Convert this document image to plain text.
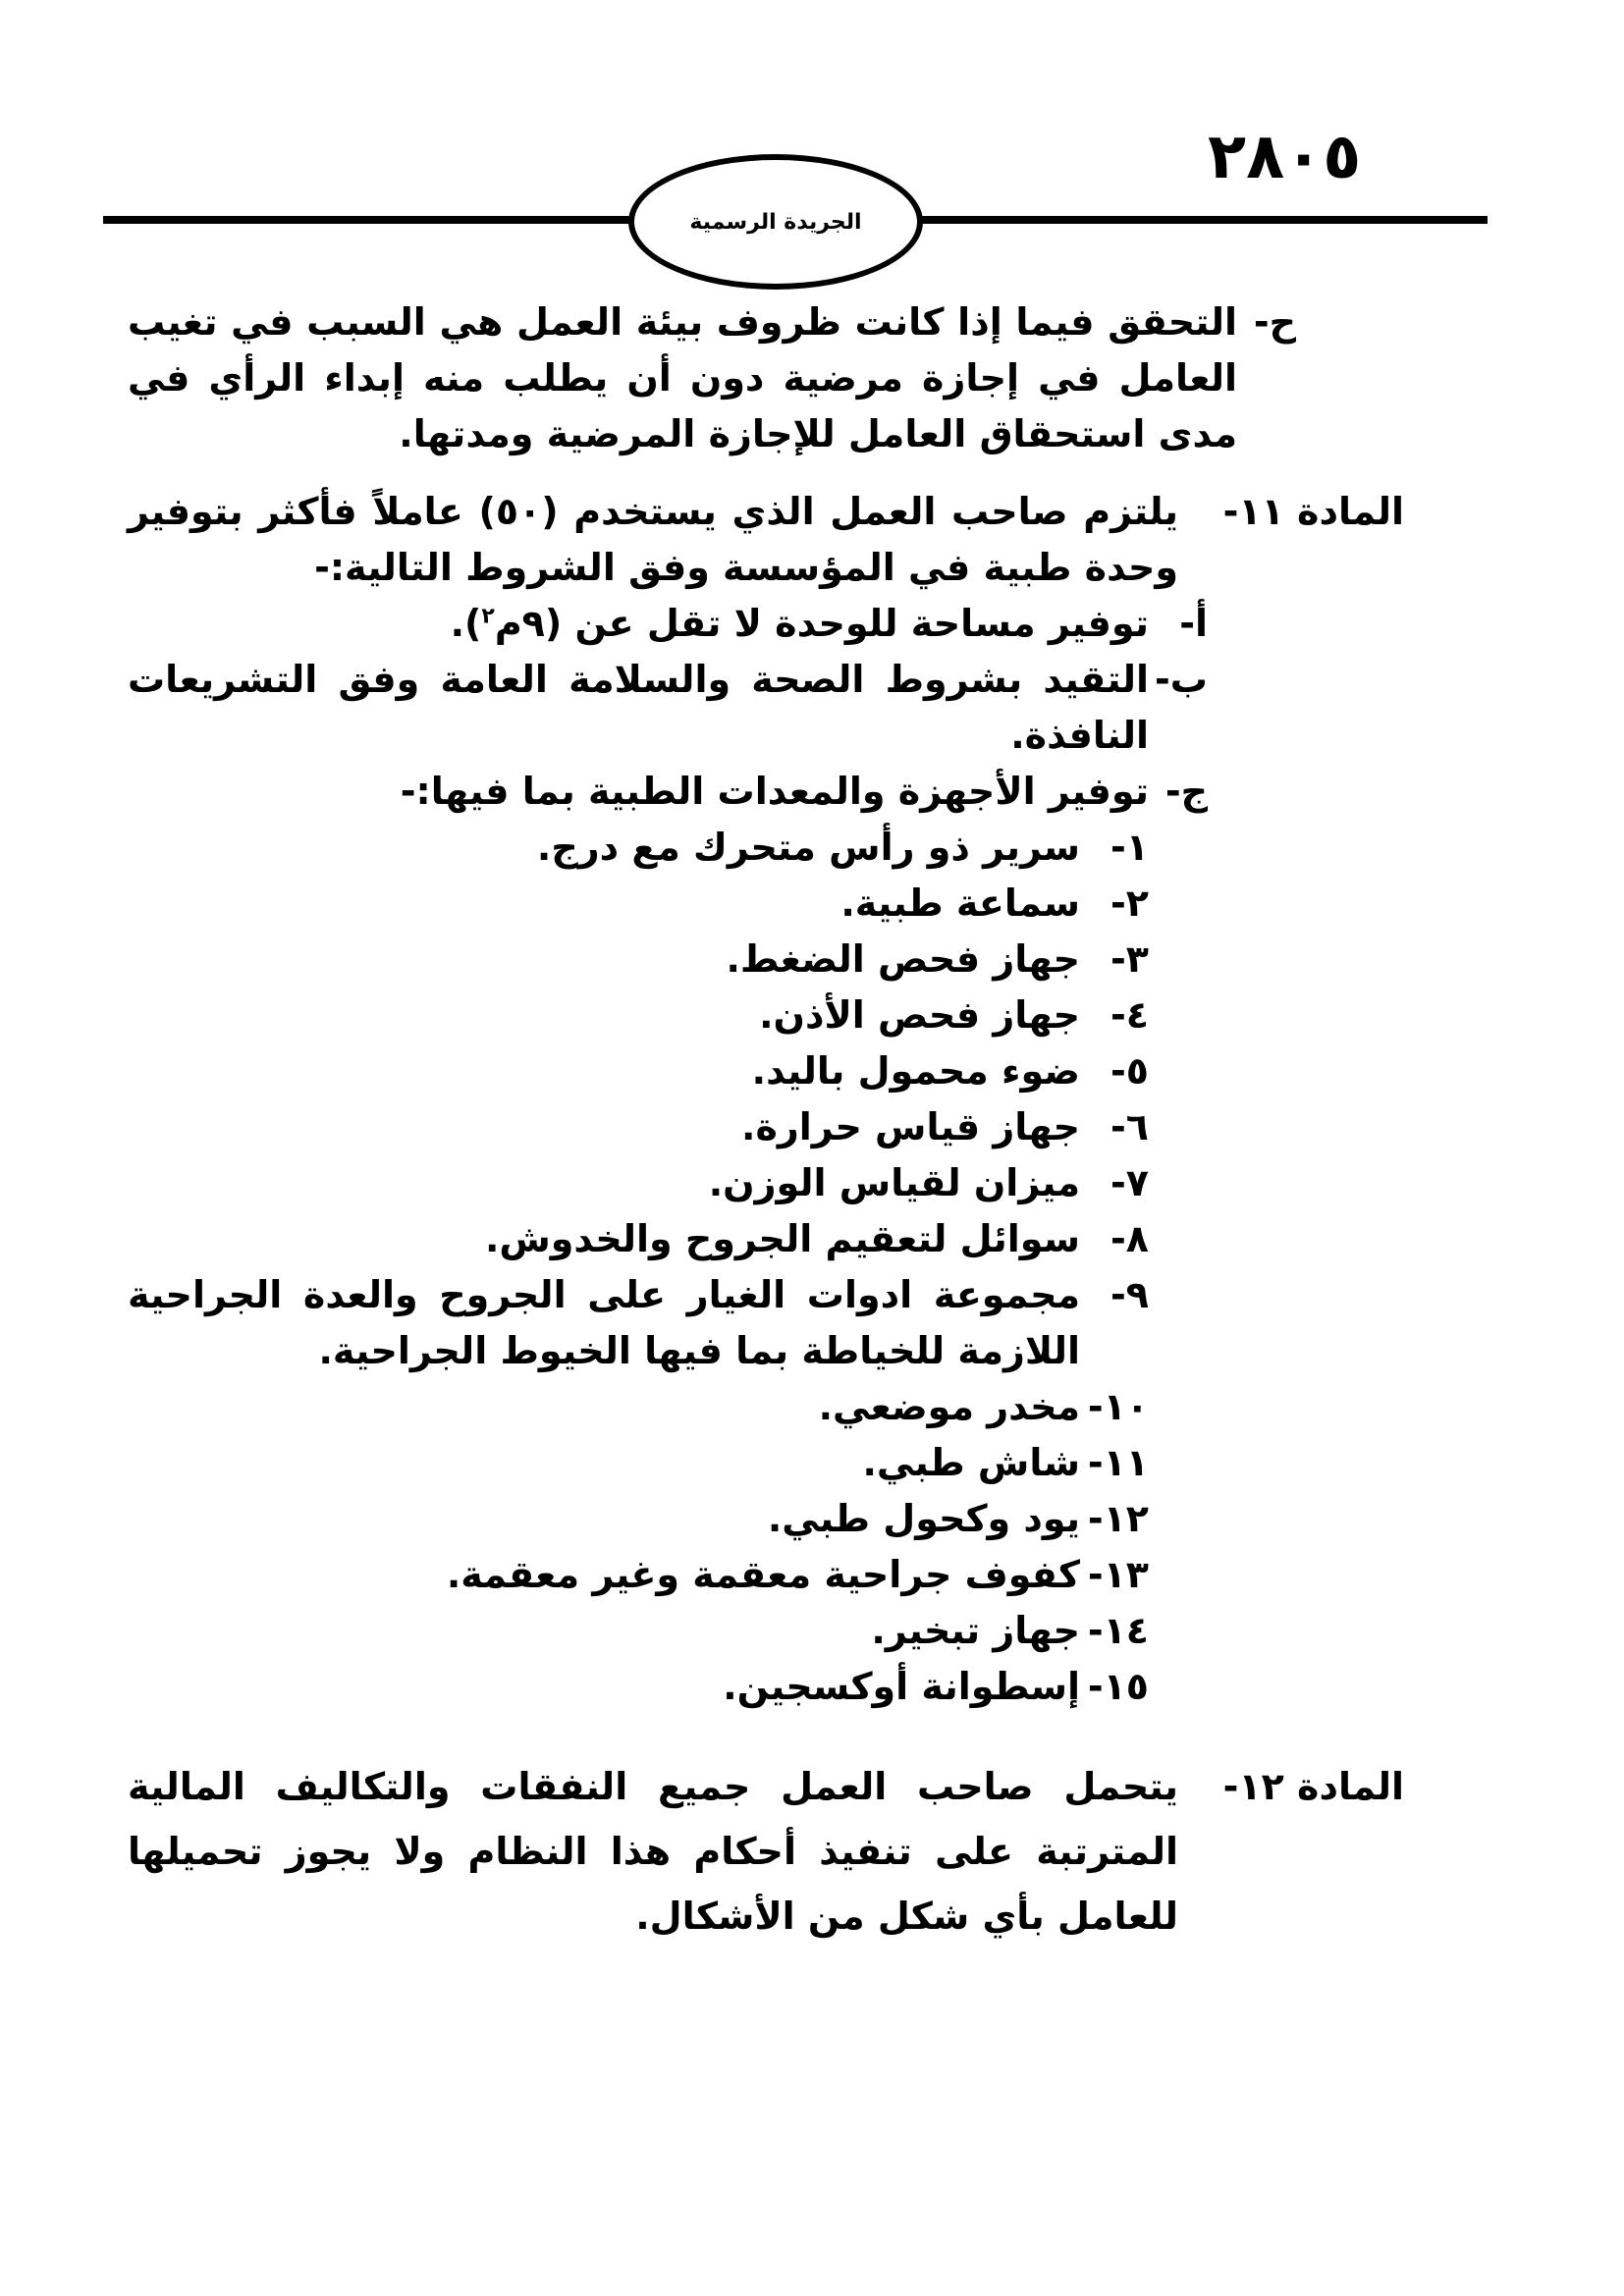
٢٨٠٥
الجريدة الرسمية
ح-
التحقق فيما إذا كانت ظروف بيئة العمل هي السبب في تغيب العامل في إجازة مرضية دون أن يطلب منه إبداء الرأي في مدى استحقاق العامل للإجازة المرضية ومدتها.
المادة ١١-
يلتزم صاحب العمل الذي يستخدم (٥٠) عاملاً فأكثر بتوفير وحدة طبية في المؤسسة وفق الشروط التالية:-
أ-
توفير مساحة للوحدة لا تقل عن (٩م$^٢$).
ب-
التقيد بشروط الصحة والسلامة العامة وفق التشريعات النافذة.
ج-
توفير الأجهزة والمعدات الطبية بما فيها:-
١-
سرير ذو رأس متحرك مع درج.
٢-
سماعة طبية.
٣-
جهاز فحص الضغط.
٤-
جهاز فحص الأذن.
٥-
ضوء محمول باليد.
٦-
جهاز قياس حرارة.
٧-
ميزان لقياس الوزن.
٨-
سوائل لتعقيم الجروح والخدوش.
٩-
مجموعة ادوات الغيار على الجروح والعدة الجراحية اللازمة للخياطة بما فيها الخيوط الجراحية.
١٠-
مخدر موضعي.
١١-
شاش طبي.
١٢-
يود وكحول طبي.
١٣-
كفوف جراحية معقمة وغير معقمة.
١٤-
جهاز تبخير.
١٥-
إسطوانة أوكسجين.
المادة ١٢-
يتحمل صاحب العمل جميع النفقات والتكاليف المالية المترتبة على تنفيذ أحكام هذا النظام ولا يجوز تحميلها للعامل بأي شكل من الأشكال.
